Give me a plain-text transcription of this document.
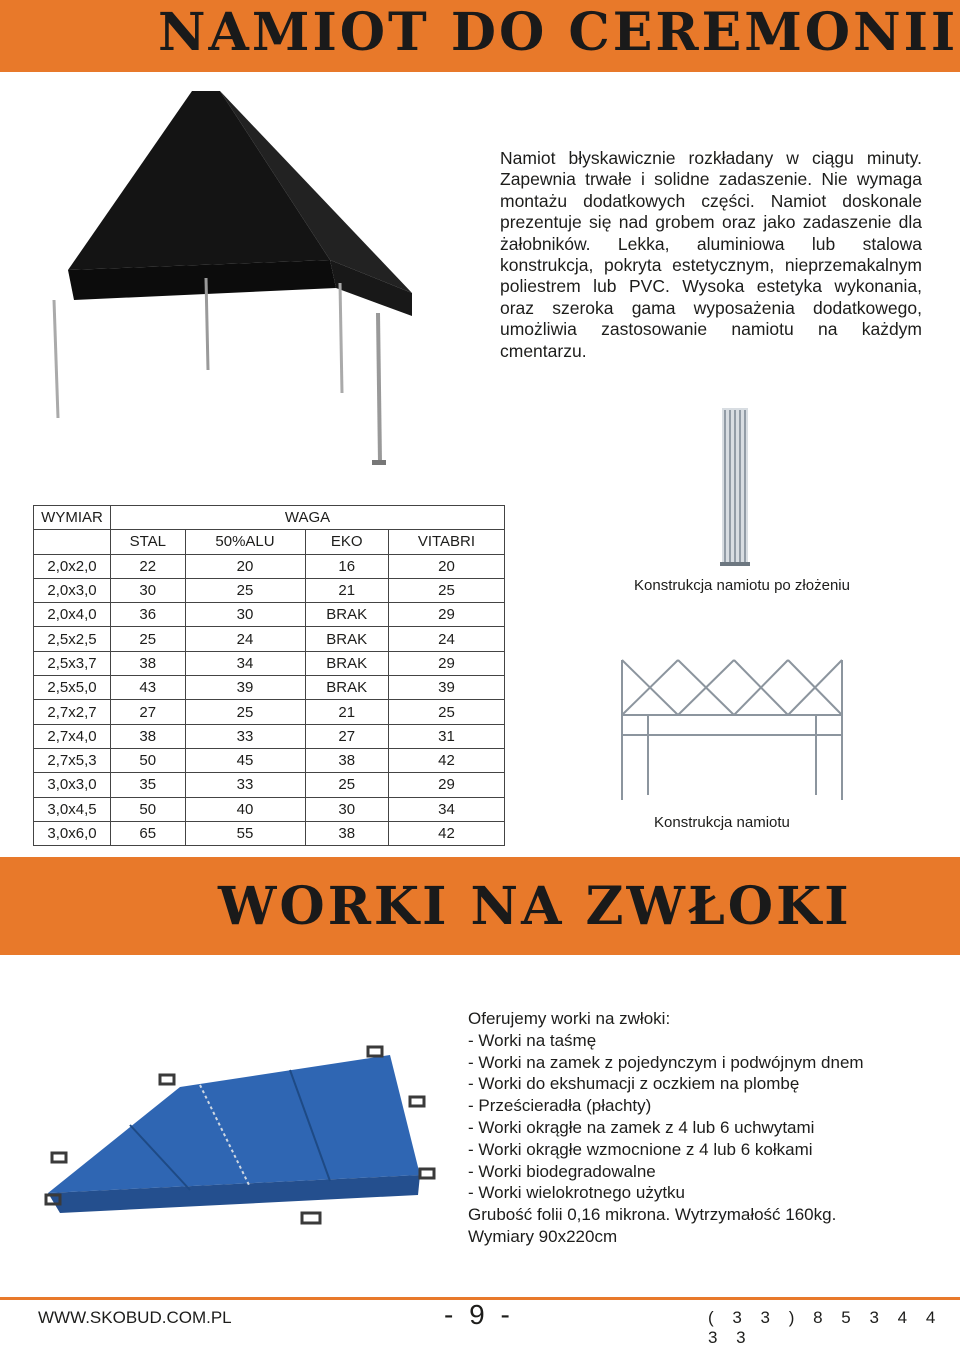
NAMIOT DO CEREMONII
Namiot błyskawicznie rozkładany w ciągu minuty. Zapewnia trwałe i solidne zadaszenie. Nie wymaga montażu dodatkowych części. Namiot doskonale prezentuje się nad grobem oraz jako zadaszenie dla żałobników. Lekka, aluminiowa lub stalowa konstrukcja, pokryta estetycznym, nieprzemakalnym poliestrem lub PVC. Wysoka estetyka wykonania, oraz szeroka gama wyposażenia dodatkowego, umożliwia zastosowanie namiotu na każdym cmentarzu.
Konstrukcja namiotu po złożeniu
Konstrukcja namiotu
WYMIAR	WAGA			
	STAL	50%ALU	EKO	VITABRI
2,0x2,0	22	20	16	20
2,0x3,0	30	25	21	25
2,0x4,0	36	30	BRAK	29
2,5x2,5	25	24	BRAK	24
2,5x3,7	38	34	BRAK	29
2,5x5,0	43	39	BRAK	39
2,7x2,7	27	25	21	25
2,7x4,0	38	33	27	31
2,7x5,3	50	45	38	42
3,0x3,0	35	33	25	29
3,0x4,5	50	40	30	34
3,0x6,0	65	55	38	42
WORKI NA ZWŁOKI
Oferujemy worki na zwłoki:
- Worki na taśmę
- Worki na zamek z pojedynczym i podwójnym dnem
- Worki do ekshumacji z oczkiem na plombę
- Prześcieradła (płachty)
- Worki okrągłe na zamek z 4 lub 6 uchwytami
- Worki okrągłe wzmocnione z 4 lub 6 kołkami
- Worki biodegradowalne
- Worki wielokrotnego użytku
Grubość folii 0,16 mikrona. Wytrzymałość 160kg.
Wymiary 90x220cm
WWW.SKOBUD.COM.PL	- 9 -	( 3 3 ) 8 5 3 4 4 3 3
